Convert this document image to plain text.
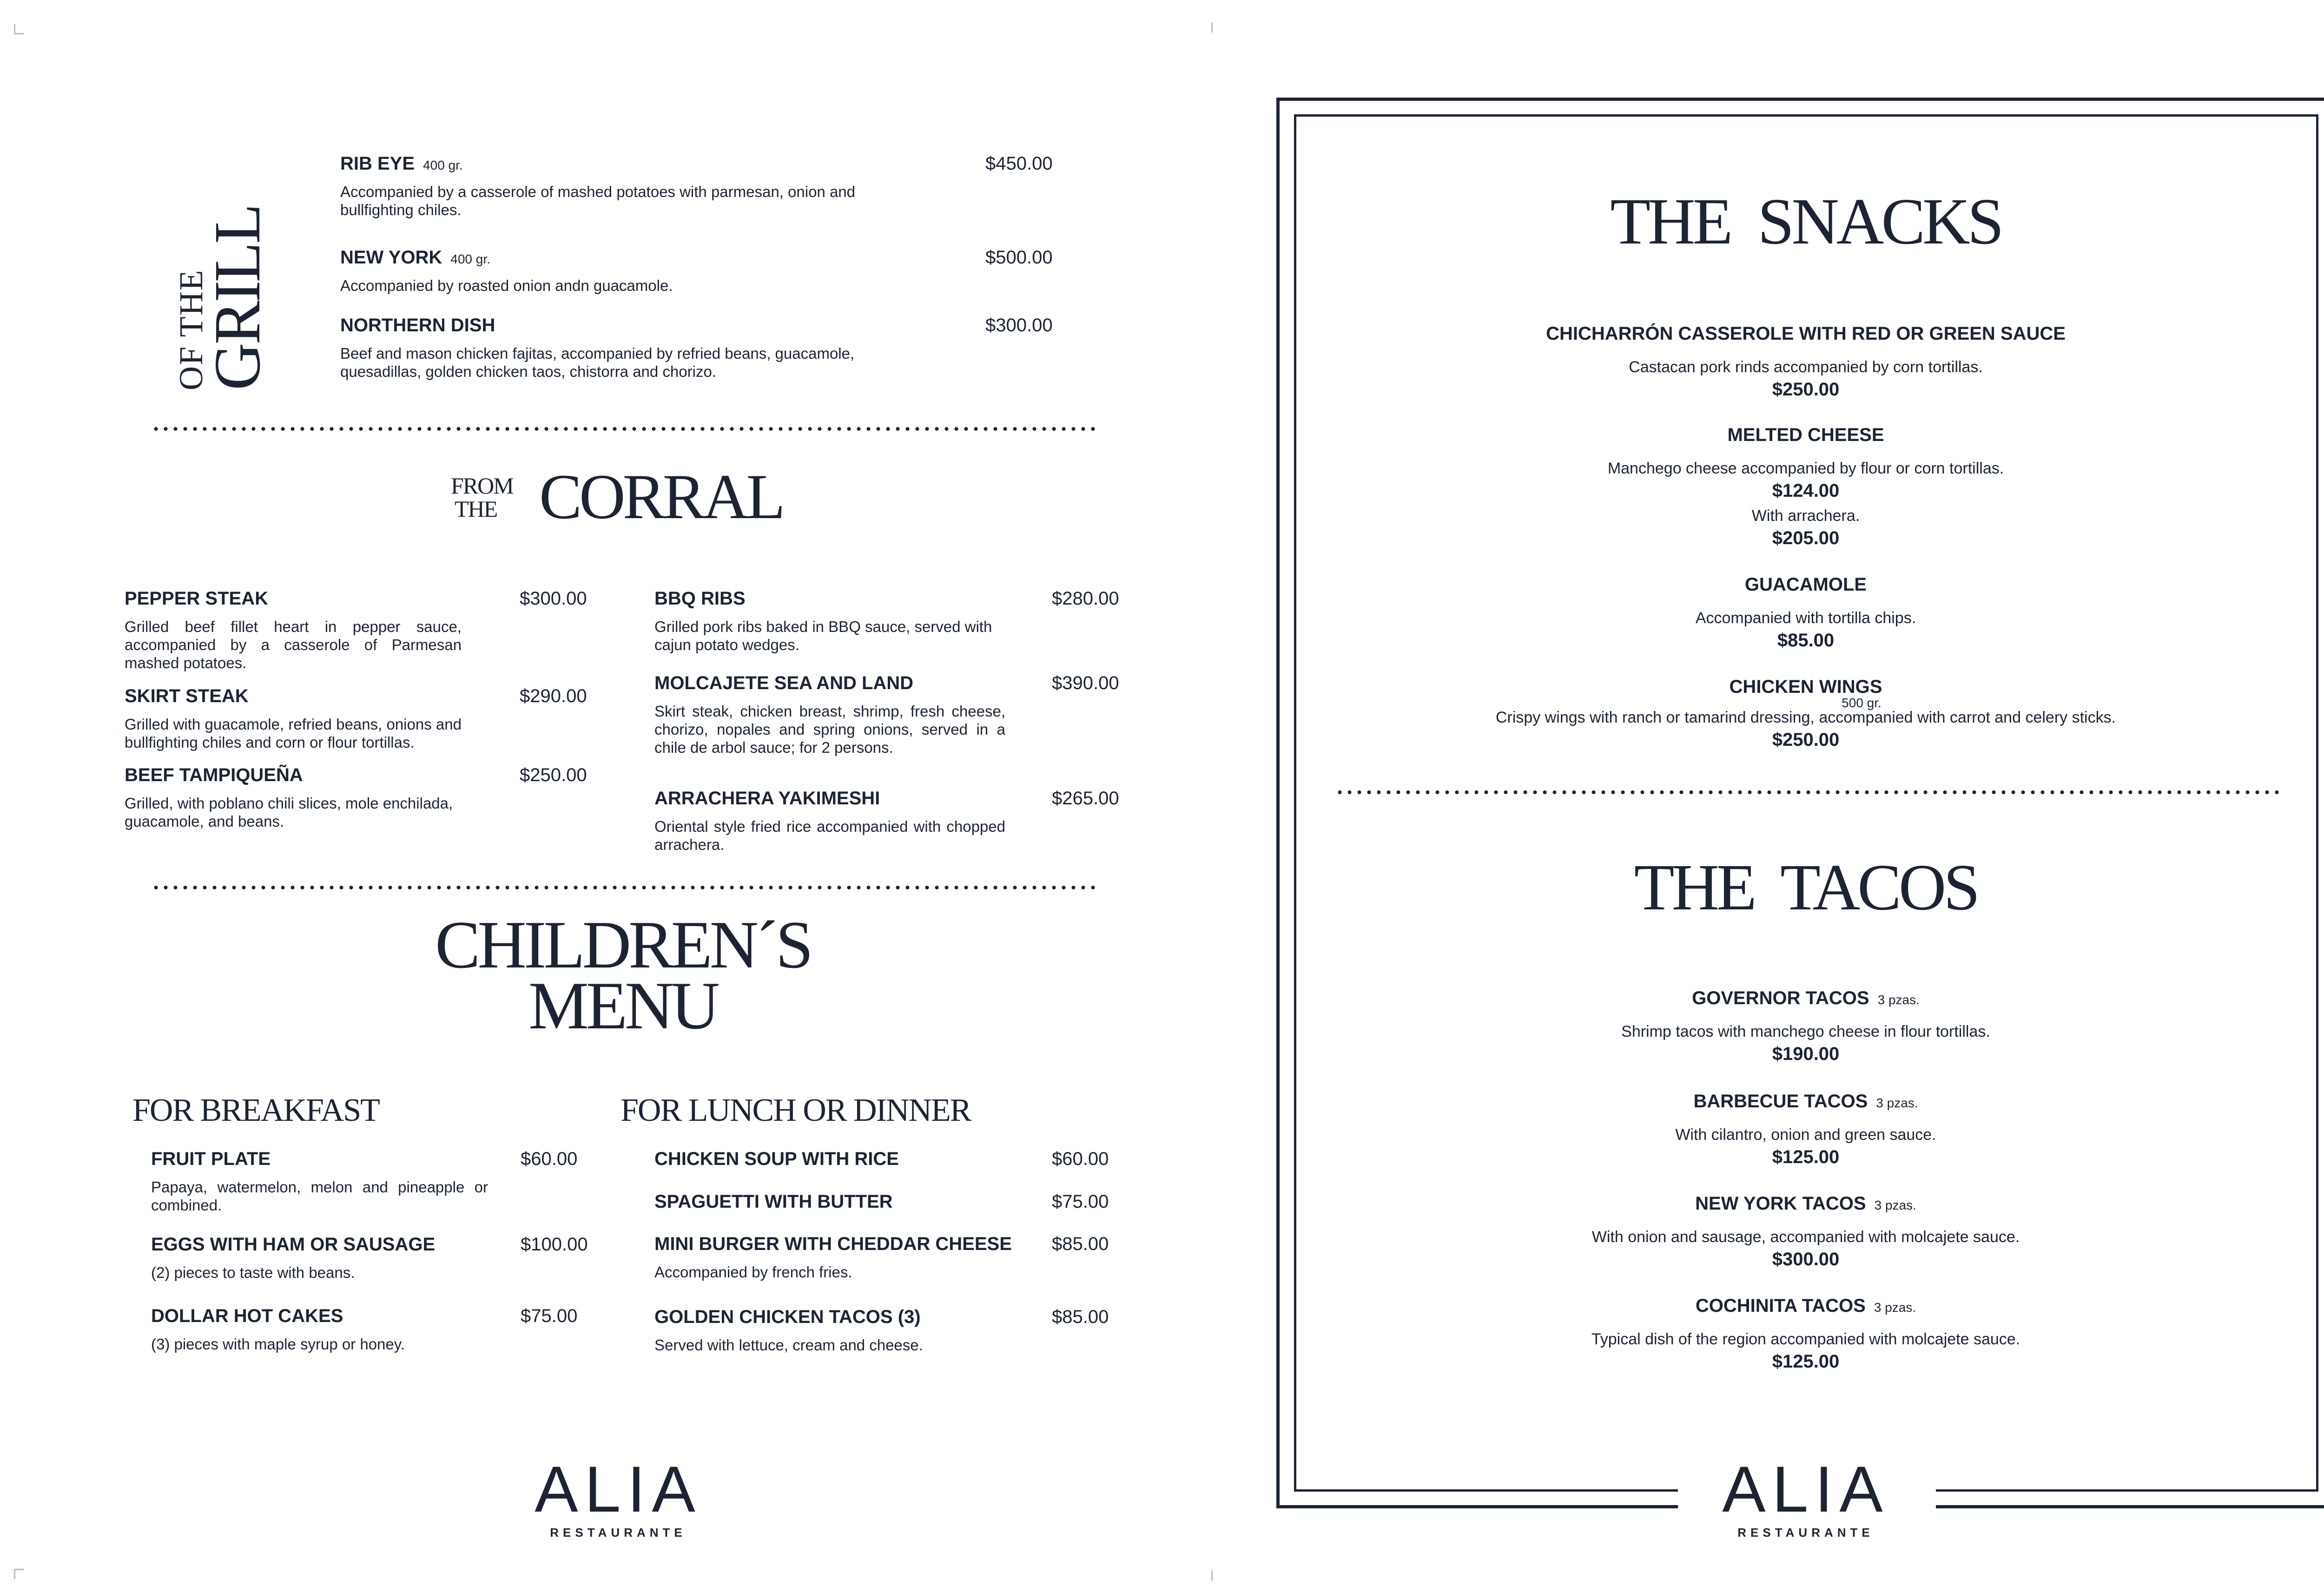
OF THE
GRILL
RIB EYE 400 gr.
Accompanied by a casserole of mashed potatoes with parmesan, onion and bullfighting chiles.
$450.00
NEW YORK 400 gr.
Accompanied by roasted onion andn guacamole.
$500.00
NORTHERN DISH
Beef and mason chicken fajitas, accompanied by refried beans, guacamole, quesadillas, golden chicken taos, chistorra and chorizo.
$300.00
FROM
THE CORRAL
PEPPER STEAK
Grilled beef fillet heart in pepper sauce, accompanied by a casserole of Parmesan mashed potatoes.
$300.00
SKIRT STEAK
Grilled with guacamole, refried beans, onions and bullfighting chiles and corn or flour tortillas.
$290.00
BEEF TAMPIQUEÑA
Grilled, with poblano chili slices, mole enchilada, guacamole, and beans.
$250.00
BBQ RIBS
Grilled pork ribs baked in BBQ sauce, served with cajun potato wedges.
$280.00
MOLCAJETE SEA AND LAND
Skirt steak, chicken breast, shrimp, fresh cheese, chorizo, nopales and spring onions, served in a chile de arbol sauce; for 2 persons.
$390.00
ARRACHERA YAKIMESHI
Oriental style fried rice accompanied with chopped arrachera.
$265.00
CHILDREN´S
MENU
FOR BREAKFAST	FOR LUNCH OR DINNER
FRUIT PLATE
Papaya, watermelon, melon and pineapple or combined.
$60.00
EGGS WITH HAM OR SAUSAGE
(2) pieces to taste with beans.
$100.00
DOLLAR HOT CAKES
(3) pieces with maple syrup or honey.
$75.00
CHICKEN SOUP WITH RICE	$60.00
SPAGUETTI WITH BUTTER	$75.00
MINI BURGER WITH CHEDDAR CHEESE
Accompanied by french fries.
$85.00
GOLDEN CHICKEN TACOS (3)
Served with lettuce, cream and cheese.
$85.00
ALIA
RESTAURANTE
THE  SNACKS
CHICHARRÓN CASSEROLE WITH RED OR GREEN SAUCE
Castacan pork rinds accompanied by corn tortillas.
$250.00
MELTED CHEESE
Manchego cheese accompanied by flour or corn tortillas.
$124.00
With arrachera.
$205.00
GUACAMOLE
Accompanied with tortilla chips.
$85.00
CHICKEN WINGS
500 gr.
Crispy wings with ranch or tamarind dressing, accompanied with carrot and celery sticks.
$250.00
THE  TACOS
GOVERNOR TACOS 3 pzas.
Shrimp tacos with manchego cheese in flour tortillas.
$190.00
BARBECUE TACOS 3 pzas.
With cilantro, onion and green sauce.
$125.00
NEW YORK TACOS 3 pzas.
With onion and sausage, accompanied with molcajete sauce.
$300.00
COCHINITA TACOS 3 pzas.
Typical dish of the region accompanied with molcajete sauce.
$125.00
ALIA
RESTAURANTE
